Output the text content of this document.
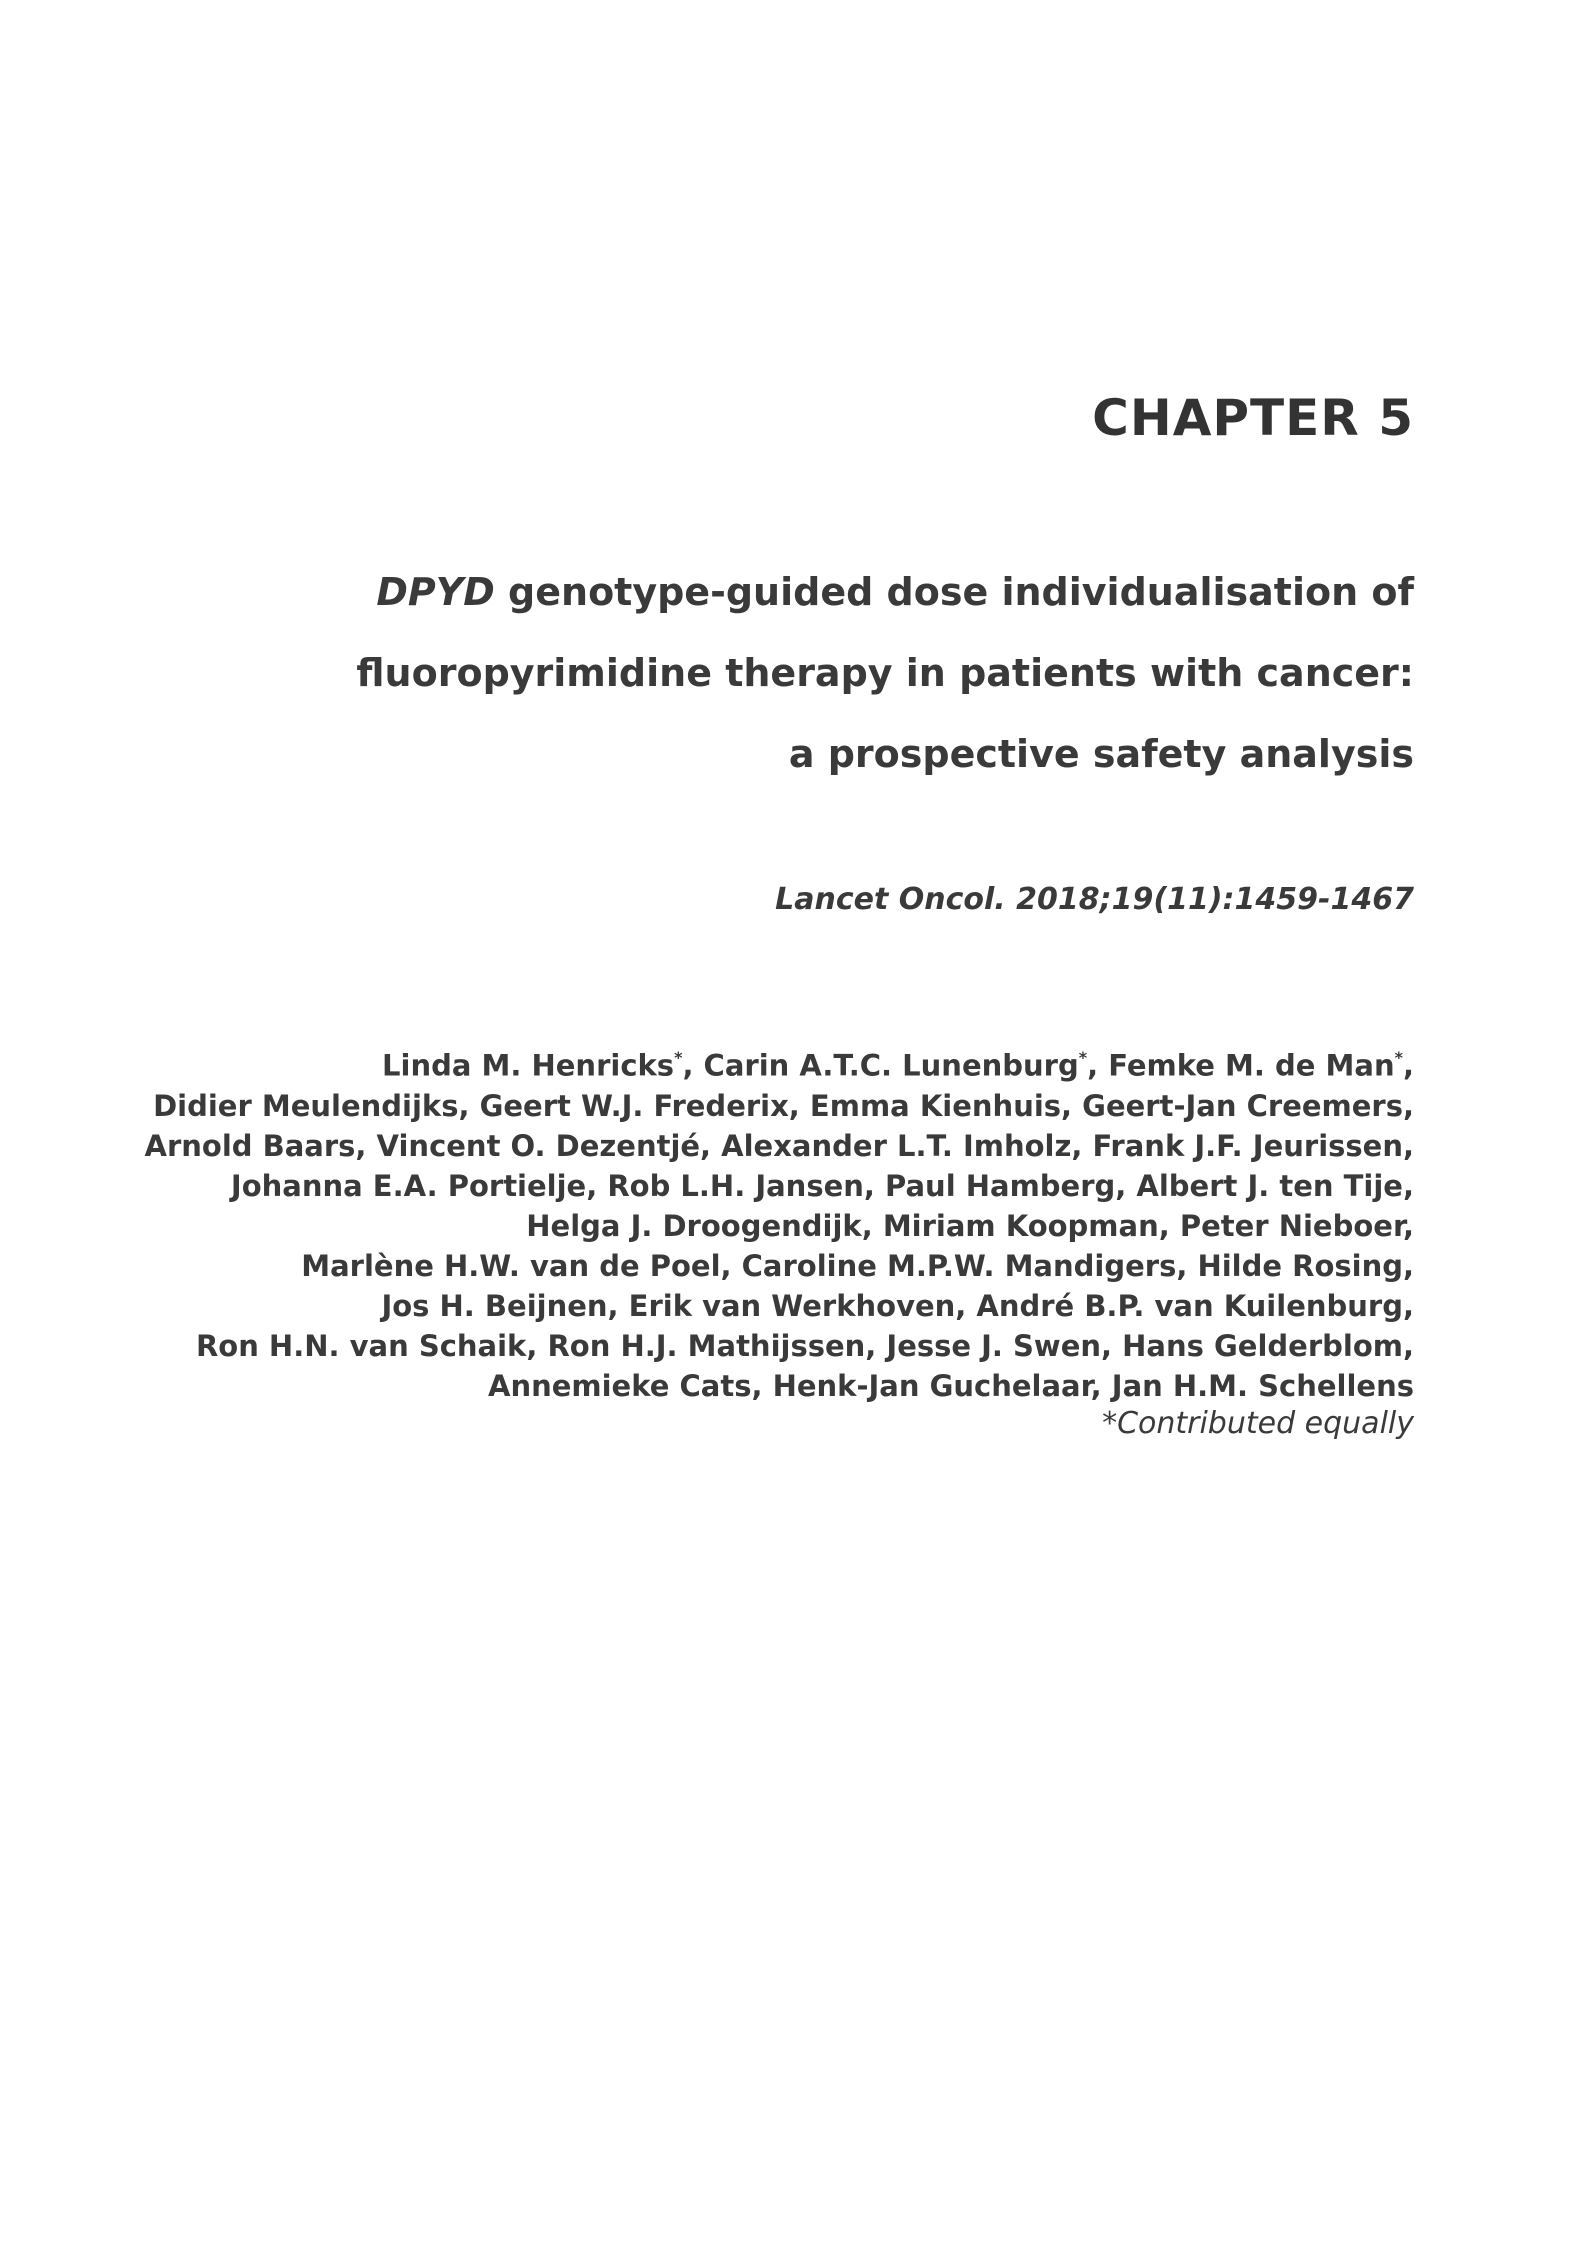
CHAPTER 5
DPYD genotype-guided dose individualisation of
fluoropyrimidine therapy in patients with cancer:
a prospective safety analysis
Lancet Oncol. 2018;19(11):1459-1467
Linda M. Henricks*, Carin A.T.C. Lunenburg*, Femke M. de Man*,
Didier Meulendijks, Geert W.J. Frederix, Emma Kienhuis, Geert-Jan Creemers,
Arnold Baars, Vincent O. Dezentjé, Alexander L.T. Imholz, Frank J.F. Jeurissen,
Johanna E.A. Portielje, Rob L.H. Jansen, Paul Hamberg, Albert J. ten Tije,
Helga J. Droogendijk, Miriam Koopman, Peter Nieboer,
Marlène H.W. van de Poel, Caroline M.P.W. Mandigers, Hilde Rosing,
Jos H. Beijnen, Erik van Werkhoven, André B.P. van Kuilenburg,
Ron H.N. van Schaik, Ron H.J. Mathijssen, Jesse J. Swen, Hans Gelderblom,
Annemieke Cats, Henk-Jan Guchelaar, Jan H.M. Schellens
*Contributed equally
